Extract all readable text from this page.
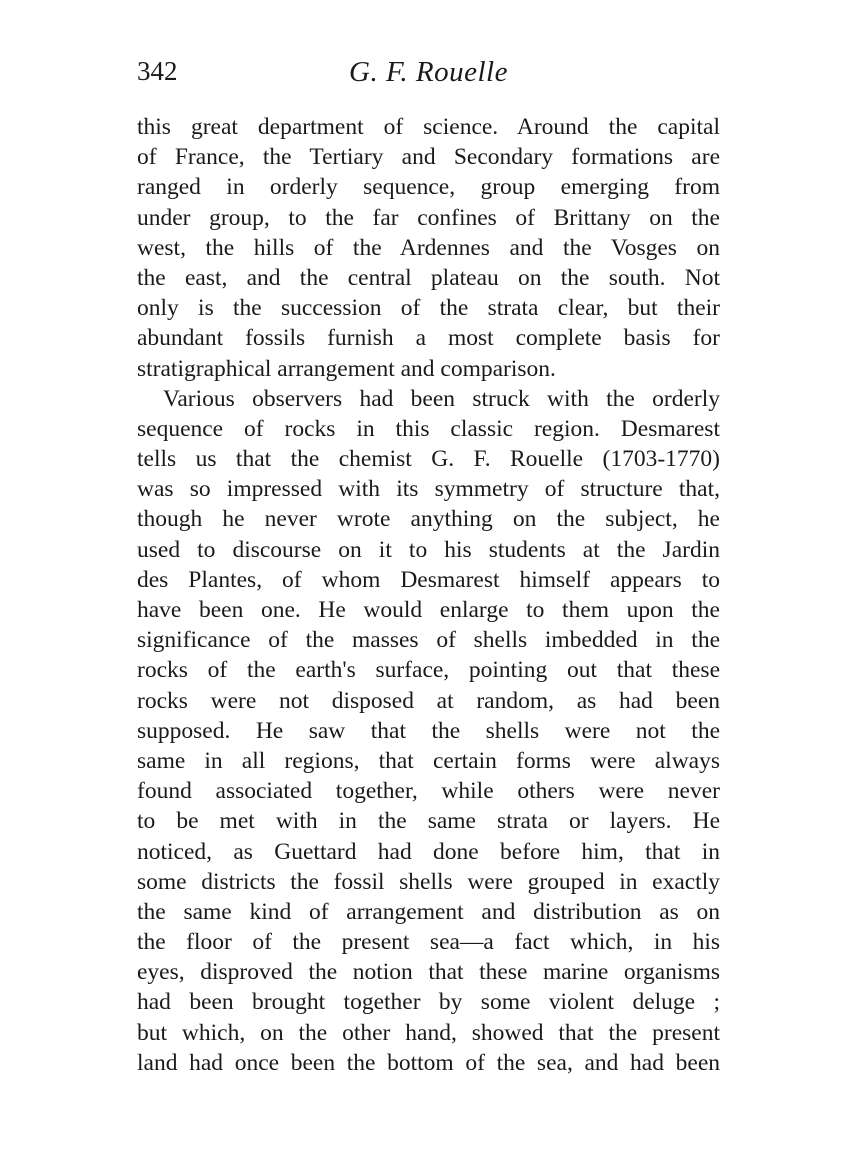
342	G. F. Rouelle
this great department of science. Around the capital
of France, the Tertiary and Secondary formations are
ranged in orderly sequence, group emerging from
under group, to the far confines of Brittany on the
west, the hills of the Ardennes and the Vosges on
the east, and the central plateau on the south. Not
only is the succession of the strata clear, but their
abundant fossils furnish a most complete basis for
stratigraphical arrangement and comparison.
Various observers had been struck with the orderly
sequence of rocks in this classic region. Desmarest
tells us that the chemist G. F. Rouelle (1703-1770)
was so impressed with its symmetry of structure that,
though he never wrote anything on the subject, he
used to discourse on it to his students at the Jardin
des Plantes, of whom Desmarest himself appears to
have been one. He would enlarge to them upon the
significance of the masses of shells imbedded in the
rocks of the earth's surface, pointing out that these
rocks were not disposed at random, as had been
supposed. He saw that the shells were not the
same in all regions, that certain forms were always
found associated together, while others were never
to be met with in the same strata or layers. He
noticed, as Guettard had done before him, that in
some districts the fossil shells were grouped in exactly
the same kind of arrangement and distribution as on
the floor of the present sea—a fact which, in his
eyes, disproved the notion that these marine organisms
had been brought together by some violent deluge ;
but which, on the other hand, showed that the present
land had once been the bottom of the sea, and had been
